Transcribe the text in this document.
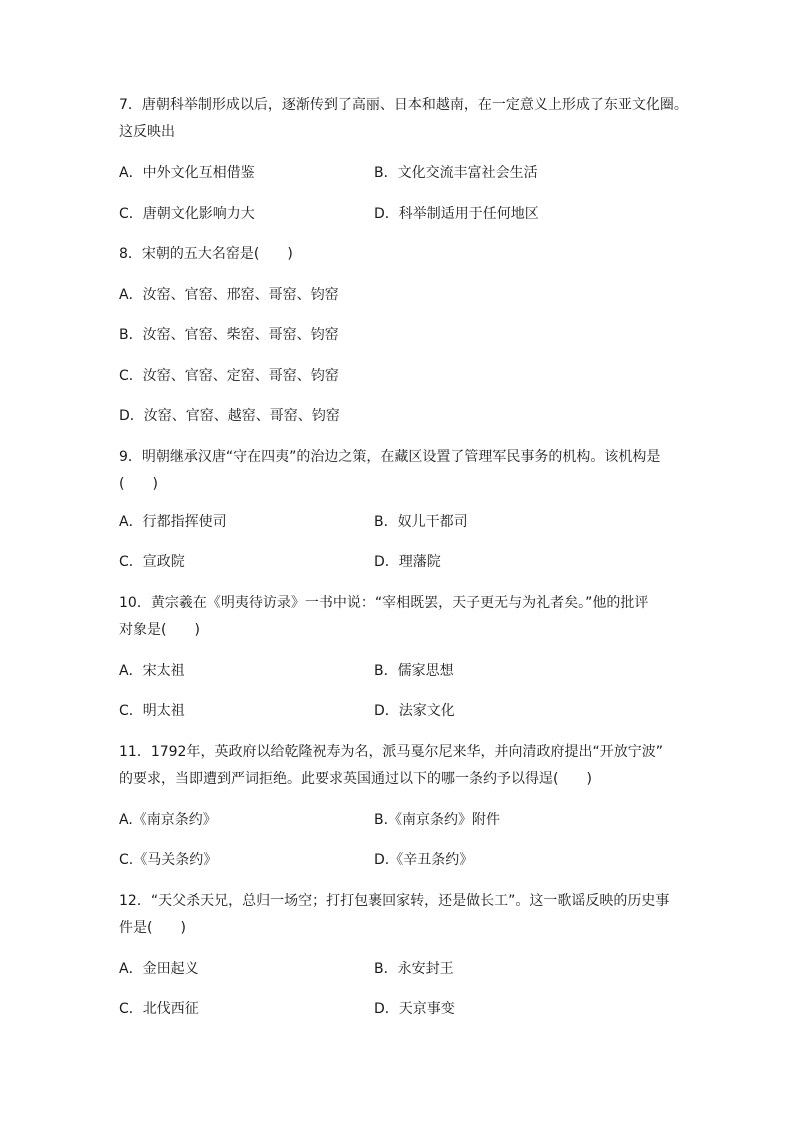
7．唐朝科举制形成以后，逐渐传到了高丽、日本和越南，在一定意义上形成了东亚文化圈。
这反映出
A．中外文化互相借鉴	B．文化交流丰富社会生活
C．唐朝文化影响力大	D．科举制适用于任何地区
8．宋朝的五大名窑是(　　)
A．汝窑、官窑、邢窑、哥窑、钧窑
B．汝窑、官窑、柴窑、哥窑、钧窑
C．汝窑、官窑、定窑、哥窑、钧窑
D．汝窑、官窑、越窑、哥窑、钧窑
9．明朝继承汉唐“守在四夷”的治边之策，在藏区设置了管理军民事务的机构。该机构是
(　　)
A．行都指挥使司	B．奴儿干都司
C．宣政院	D．理藩院
10．黄宗羲在《明夷待访录》一书中说：“宰相既罢，天子更无与为礼者矣。”他的批评
对象是(　　)
A．宋太祖	B．儒家思想
C．明太祖	D．法家文化
11．1792年，英政府以给乾隆祝寿为名，派马戛尔尼来华，并向清政府提出“开放宁波”
的要求，当即遭到严词拒绝。此要求英国通过以下的哪一条约予以得逞(　　)
A.《南京条约》	B.《南京条约》附件
C.《马关条约》	D.《辛丑条约》
12．“天父杀天兄，总归一场空；打打包裹回家转，还是做长工”。这一歌谣反映的历史事
件是(　　)
A．金田起义	B．永安封王
C．北伐西征	D．天京事变
